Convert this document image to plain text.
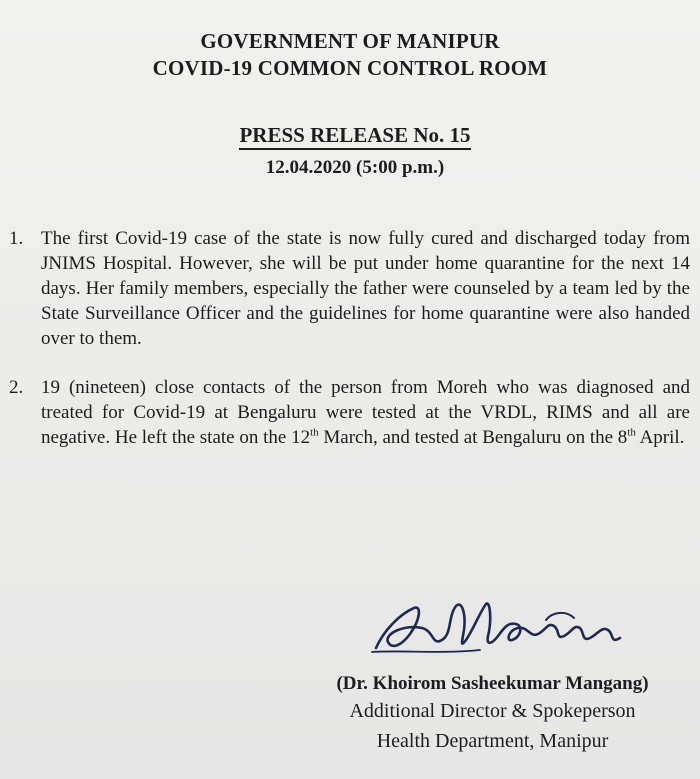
GOVERNMENT OF MANIPUR
COVID-19 COMMON CONTROL ROOM
PRESS RELEASE No. 15
12.04.2020 (5:00 p.m.)
1. The first Covid-19 case of the state is now fully cured and discharged today from JNIMS Hospital. However, she will be put under home quarantine for the next 14 days. Her family members, especially the father were counseled by a team led by the State Surveillance Officer and the guidelines for home quarantine were also handed over to them.
2. 19 (nineteen) close contacts of the person from Moreh who was diagnosed and treated for Covid-19 at Bengaluru were tested at the VRDL, RIMS and all are negative. He left the state on the 12th March, and tested at Bengaluru on the 8th April.
(Dr. Khoirom Sasheekumar Mangang)
Additional Director & Spokeperson
Health Department, Manipur
